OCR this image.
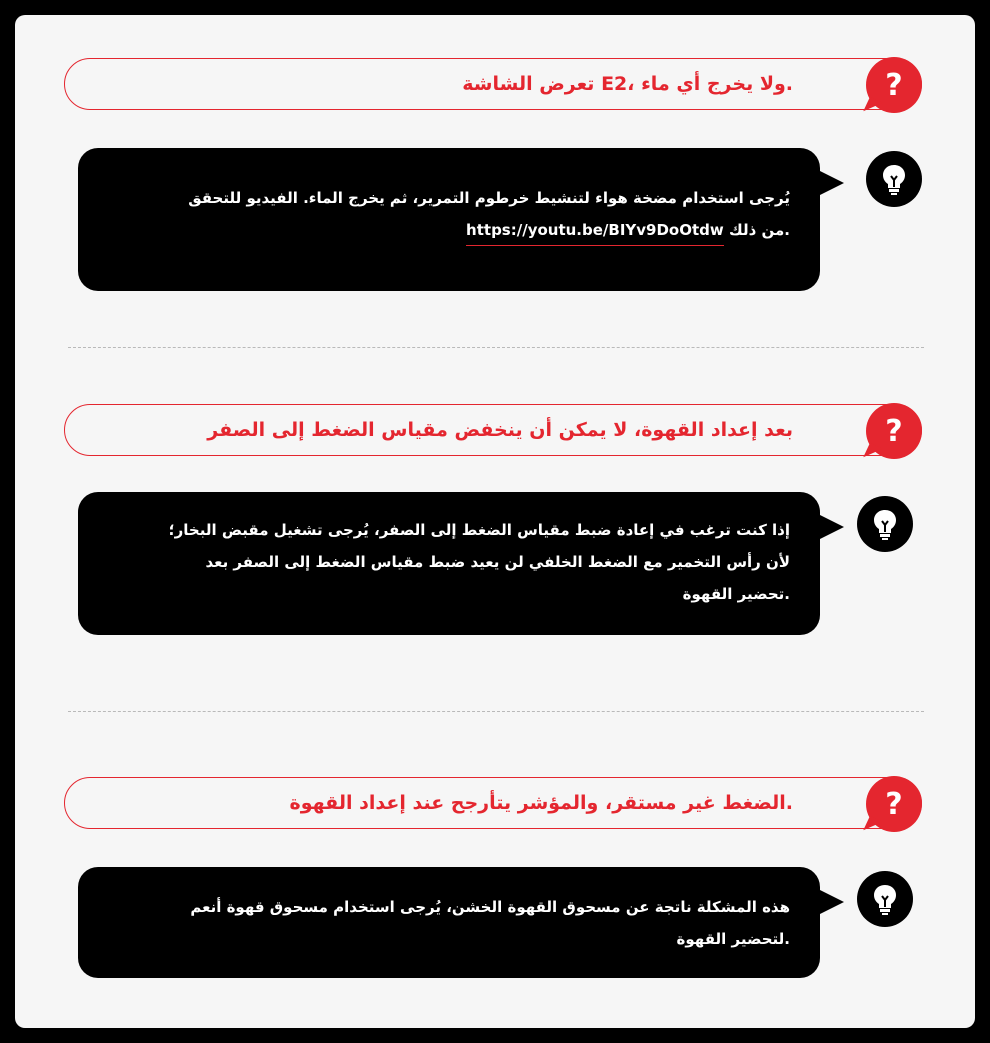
.ولا يخرج أي ماء ،E2 تعرض الشاشة	?
يُرجى استخدام مضخة هواء لتنشيط خرطوم التمرير، ثم يخرج الماء. الفيديو للتحقق
.من ذلك https://youtu.be/BIYv9DoOtdw
بعد إعداد القهوة، لا يمكن أن ينخفض مقياس الضغط إلى الصفر	?
إذا كنت ترغب في إعادة ضبط مقياس الضغط إلى الصفر، يُرجى تشغيل مقبض البخار؛
لأن رأس التخمير مع الضغط الخلفي لن يعيد ضبط مقياس الضغط إلى الصفر بعد
.تحضير القهوة
.الضغط غير مستقر، والمؤشر يتأرجح عند إعداد القهوة	?
هذه المشكلة ناتجة عن مسحوق القهوة الخشن، يُرجى استخدام مسحوق قهوة أنعم
.لتحضير القهوة
